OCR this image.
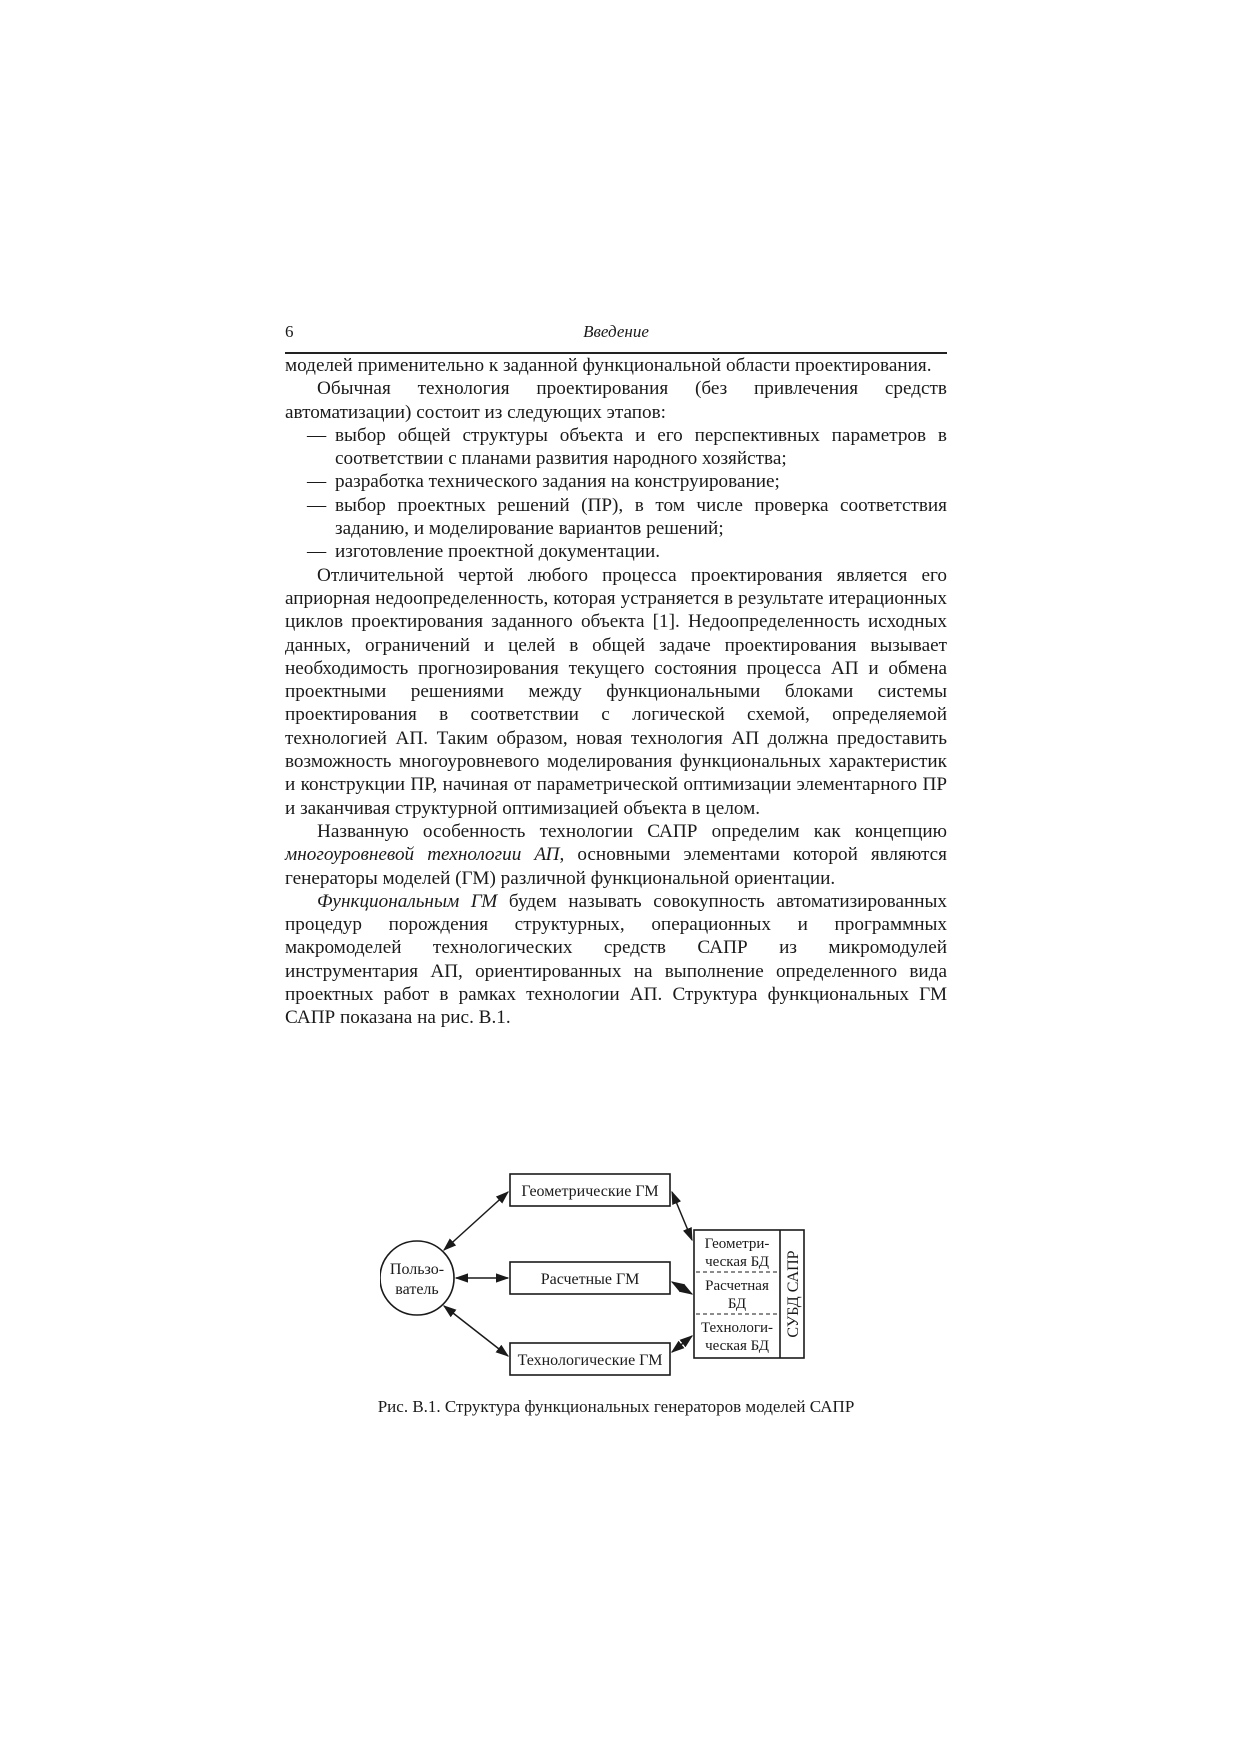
6	Введение

моделей применительно к заданной функциональной области проектирования.

Обычная технология проектирования (без привлечения средств автоматизации) состоит из следующих этапов:

— выбор общей структуры объекта и его перспективных параметров в соответствии с планами развития народного хозяйства;
— разработка технического задания на конструирование;
— выбор проектных решений (ПР), в том числе проверка соответствия заданию, и моделирование вариантов решений;
— изготовление проектной документации.

Отличительной чертой любого процесса проектирования является его априорная недоопределенность, которая устраняется в результате итерационных циклов проектирования заданного объекта [1]. Недоопределенность исходных данных, ограничений и целей в общей задаче проектирования вызывает необходимость прогнозирования текущего состояния процесса АП и обмена проектными решениями между функциональными блоками системы проектирования в соответствии с логической схемой, определяемой технологией АП. Таким образом, новая технология АП должна предоставить возможность многоуровневого моделирования функциональных характеристик и конструкции ПР, начиная от параметрической оптимизации элементарного ПР и заканчивая структурной оптимизацией объекта в целом.

Названную особенность технологии САПР определим как концепцию многоуровневой технологии АП, основными элементами которой являются генераторы моделей (ГМ) различной функциональной ориентации.

Функциональным ГМ будем называть совокупность автоматизированных процедур порождения структурных, операционных и программных макромоделей технологических средств САПР из микромодулей инструментария АП, ориентированных на выполнение определенного вида проектных работ в рамках технологии АП. Структура функциональных ГМ САПР показана на рис. В.1.

Пользо-
ватель
Геометрические ГМ
Расчетные ГМ
Технологические ГМ
Геометри-
ческая БД
Расчетная
БД
Технологи-
ческая БД
СУБД САПР
Рис. В.1. Структура функциональных генераторов моделей САПР
